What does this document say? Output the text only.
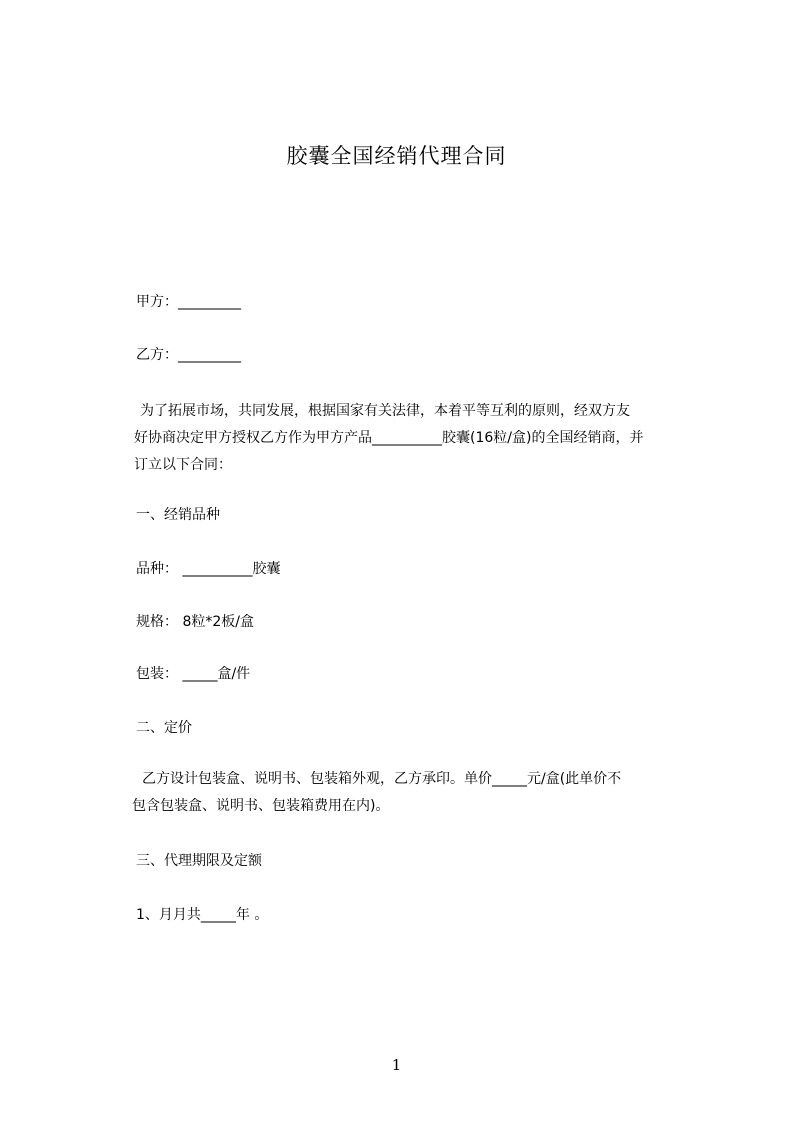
胶囊全国经销代理合同
甲方：_________
乙方：_________
为了拓展市场，共同发展，根据国家有关法律，本着平等互利的原则，经双方友
好协商决定甲方授权乙方作为甲方产品__________胶囊(16粒/盒)的全国经销商，并
订立以下合同：
一、经销品种
品种： __________胶囊
规格： 8粒*2板/盒
包装： _____盒/件
二、定价
乙方设计包装盒、说明书、包装箱外观，乙方承印。单价_____元/盒(此单价不
包含包装盒、说明书、包装箱费用在内)。
三、代理期限及定额
1、月月共_____年 。
1
